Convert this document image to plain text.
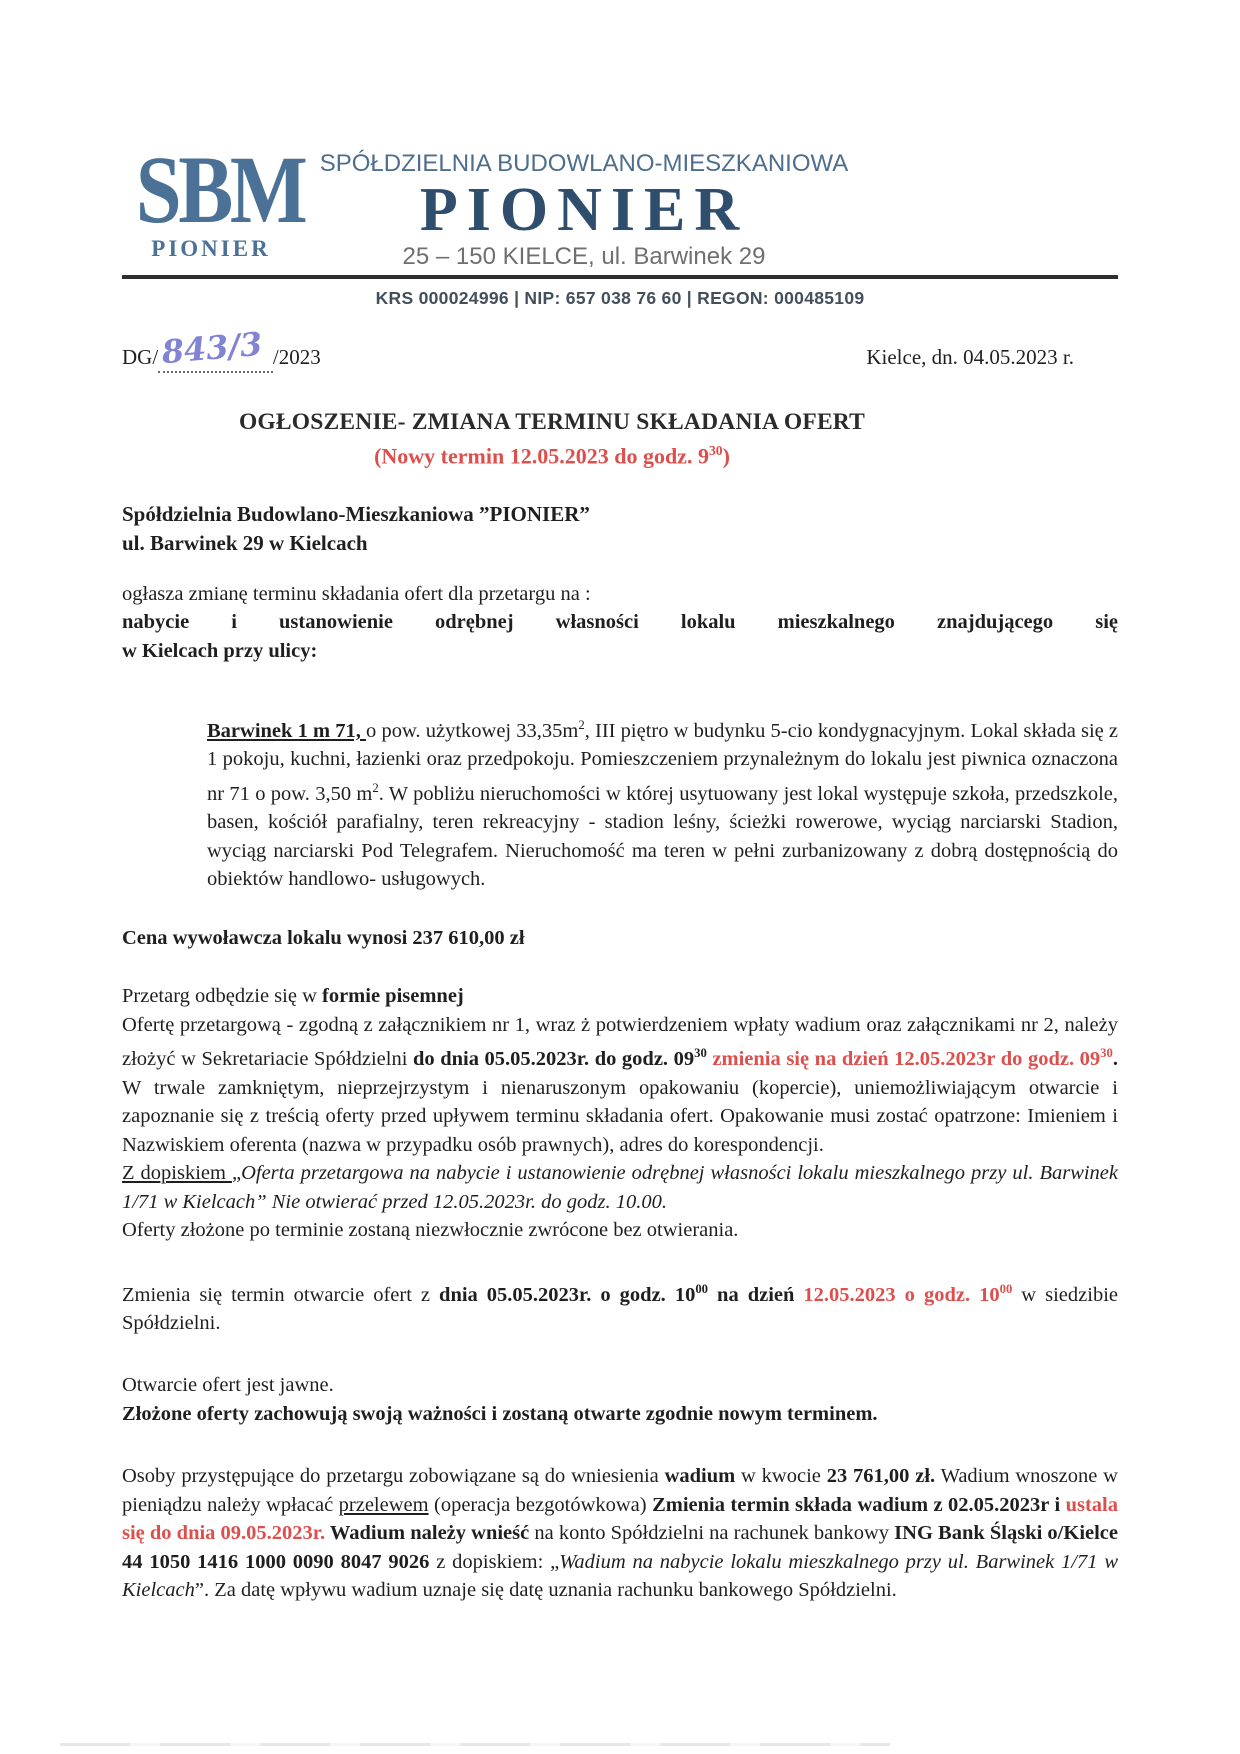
SBM
PIONIER
SPÓŁDZIELNIA BUDOWLANO-MIESZKANIOWA
PIONIER
25 – 150 KIELCE, ul. Barwinek 29
KRS 000024996 | NIP: 657 038 76 60 | REGON: 000485109
DG/843/3 /2023	Kielce, dn. 04.05.2023 r.
OGŁOSZENIE- ZMIANA TERMINU SKŁADANIA OFERT
(Nowy termin 12.05.2023 do godz. $9^{30}$)
Spółdzielnia Budowlano-Mieszkaniowa ”PIONIER”
ul. Barwinek 29 w Kielcach
ogłasza zmianę terminu składania ofert dla przetargu na :
nabycie i ustanowienie odrębnej własności lokalu mieszkalnego znajdującego się
w Kielcach przy ulicy:
Barwinek 1 m 71, o pow. użytkowej $33,35m^2$, III piętro w budynku 5-cio kondygnacyjnym. Lokal składa się z 1 pokoju, kuchni, łazienki oraz przedpokoju. Pomieszczeniem przynależnym do lokalu jest piwnica oznaczona nr 71 o pow. 3,50 $m^2$. W pobliżu nieruchomości w której usytuowany jest lokal występuje szkoła, przedszkole, basen, kościół parafialny, teren rekreacyjny - stadion leśny, ścieżki rowerowe, wyciąg narciarski Stadion, wyciąg narciarski Pod Telegrafem. Nieruchomość ma teren w pełni zurbanizowany z dobrą dostępnością do obiektów handlowo- usługowych.
Cena wywoławcza lokalu wynosi 237 610,00 zł
Przetarg odbędzie się w formie pisemnej
Ofertę przetargową - zgodną z załącznikiem nr 1, wraz ż potwierdzeniem wpłaty wadium oraz załącznikami nr 2, należy złożyć w Sekretariacie Spółdzielni do dnia 05.05.2023r. do godz. $09^{30}$ zmienia się na dzień 12.05.2023r do godz. $09^{30}$. W trwale zamkniętym, nieprzejrzystym i nienaruszonym opakowaniu (kopercie), uniemożliwiającym otwarcie i zapoznanie się z treścią oferty przed upływem terminu składania ofert. Opakowanie musi zostać opatrzone: Imieniem i Nazwiskiem oferenta (nazwa w przypadku osób prawnych), adres do korespondencji.
Z dopiskiem „Oferta przetargowa na nabycie i ustanowienie odrębnej własności lokalu mieszkalnego przy ul. Barwinek 1/71 w Kielcach” Nie otwierać przed 12.05.2023r. do godz. 10.00.
Oferty złożone po terminie zostaną niezwłocznie zwrócone bez otwierania.
Zmienia się termin otwarcie ofert z dnia 05.05.2023r. o godz. $10^{00}$ na dzień 12.05.2023 o godz. $10^{00}$ w siedzibie Spółdzielni.
Otwarcie ofert jest jawne.
Złożone oferty zachowują swoją ważności i zostaną otwarte zgodnie nowym terminem.
Osoby przystępujące do przetargu zobowiązane są do wniesienia wadium w kwocie 23 761,00 zł. Wadium wnoszone w pieniądzu należy wpłacać przelewem (operacja bezgotówkowa) Zmienia termin składa wadium z 02.05.2023r i ustala się do dnia 09.05.2023r. Wadium należy wnieść na konto Spółdzielni na rachunek bankowy ING Bank Śląski o/Kielce 44 1050 1416 1000 0090 8047 9026 z dopiskiem: „Wadium na nabycie lokalu mieszkalnego przy ul. Barwinek 1/71 w Kielcach”. Za datę wpływu wadium uznaje się datę uznania rachunku bankowego Spółdzielni.
